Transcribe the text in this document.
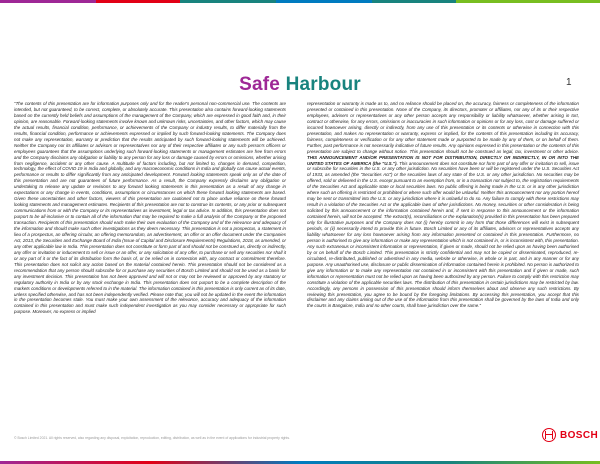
Safe Harbour	1
"The contents of this presentation are for information purposes only and for the reader's personal non-commercial use. The contents are intended, but not guaranteed, to be correct, complete, or absolutely accurate. This presentation also contains forward-looking statements based on the currently held beliefs and assumptions of the management of the Company, which are expressed in good faith and, in their opinion, are reasonable. Forward-looking statements involve known and unknown risks, uncertainties, and other factors, which may cause the actual results, financial condition, performance, or achievements of the Company or industry results, to differ materially from the results, financial condition, performance or achievements expressed or implied by such forward-looking statements. The Company does not make any representation, warranty or prediction that the results anticipated by such forward-looking statements will be achieved. Neither the Company nor its affiliates or advisors or representatives nor any of their respective affiliates or any such person's officers or employees guarantees that the assumptions underlying such forward-looking statements or management estimates are free from errors and the Company disclaims any obligation or liability to any person for any loss or damage caused by errors or omissions, whether arising from negligence, accident or any other cause. A multitude of factors including, but not limited to, changes in demand, competition, technology, the effect of COVID 19 in India and globally, and any macroeconomic conditions in India and globally can cause actual events, performance or results to differ significantly from any anticipated development. Forward looking statements speak only as of the date of this presentation and are not guarantees of future performance. As a result, the Company expressly disclaims any obligation or undertaking to release any update or revisions to any forward looking statements in this presentation as a result of any change in expectations or any change in events, conditions, assumptions or circumstances on which these forward looking statements are based. Given these uncertainties and other factors, viewers of this presentation are cautioned not to place undue reliance on these forward looking statements and management estimates. Recipients of this presentation are not to construe its contents, or any prior or subsequent communications from or with the Company or its representatives as investment, legal or tax advice. In addition, this presentation does not purport to be all-inclusive or to contain all of the information that may be required to make a full analysis of the Company or the proposed transaction. Recipients of this presentation should each make their own evaluation of the Company and of the relevance and adequacy of the information and should make such other investigations as they deem necessary. This presentation is not a prospectus, a statement in lieu of a prospectus, an offering circular, an offering memorandum, an advertisement, an offer or an offer document under the Companies Act, 2013, the Securities and Exchange Board of India (Issue of Capital and Disclosure Requirements) Regulations, 2018, as amended, or any other applicable law in India. This presentation does not constitute or form part of and should not be construed as, directly or indirectly, any offer or invitation or inducement to sell or issue or an offer, or any solicitation of any offer, to purchase or sell any securities nor shall it or any part of it or the fact of its distribution form the basis of, or be relied on in connection with, any contract or commitment therefore. This presentation does not solicit any action based on the material contained herein. This presentation should not be considered as a recommendation that any person should subscribe for or purchase any securities of Bosch Limited and should not be used as a basis for any investment decision. This presentation has not been approved and will not or may not be reviewed or approved by any statutory or regulatory authority in India or by any stock exchange in India. This presentation does not purport to be a complete description of the markets conditions or developments referred to in the material. The information contained in this presentation is only current as of its date, unless specified otherwise, and has not been independently verified. Please note that, you will not be updated in the event the information in the presentation becomes stale. You must make your own assessment of the relevance, accuracy and adequacy of the information contained in this presentation and must make such independent investigation as you may consider necessary or appropriate for such purpose. Moreover, no express or implied
representation or warranty is made as to, and no reliance should be placed on, the accuracy, fairness or completeness of the information presented or contained in this presentation. None of the Company, its directors, promoter or affiliates, nor any of its or their respective employees, advisers or representatives or any other person accepts any responsibility or liability whatsoever, whether arising in tort, contract or otherwise, for any errors, omissions or inaccuracies in such information or opinions or for any loss, cost or damage suffered or incurred howsoever arising, directly or indirectly, from any use of this presentation or its contents or otherwise in connection with this presentation, and makes no representation or warranty, express or implied, for the contents of this presentation including its accuracy, fairness, completeness or verification or for any other statement made or purported to be made by any of them, or on behalf of them. Further, past performance is not necessarily indicative of future results. Any opinions expressed in this presentation or the contents of this presentation are subject to change without notice. This presentation should not be construed as legal, tax, investment or other advice. THIS ANNOUNCEMENT AND/OR PRESENTATION IS NOT FOR DISTRIBUTION, DIRECTLY OR INDIRECTLY, IN OR INTO THE UNITED STATES OF AMERICA (the "U.S."). This announcement does not constitute nor form part of any offer or invitation to sell, issue or subscribe for securities in the U.S. or any other jurisdiction. No securities have been or will be registered under the U.S. Securities Act of 1933, as amended (the "Securities Act") or the securities laws of any state of the U.S. or any other jurisdiction. No securities may be offered, sold or delivered in the U.S. except pursuant to an exemption from, or in a transaction not subject to, the registration requirements of the Securities Act and applicable state or local securities laws. No public offering is being made in the U.S. or in any other jurisdiction where such an offering is restricted or prohibited or where such offer would be unlawful. Neither this announcement nor any portion hereof may be sent or transmitted into the U.S. or any jurisdiction where it is unlawful to do so. Any failure to comply with these restrictions may result in a violation of the Securities Act or the applicable laws of other jurisdictions. No money, securities or other consideration is being solicited by this announcement or the information contained herein and, if sent in response to this announcement or the information contained herein, will not be accepted. The extract(s), reconciliations or the explanation(s) provided in this presentation has been prepared only for illustrative purposes and the Company does not (i) hereby commit in any form that those differences will exist in subsequent periods, or (ii) necessarily intend to provide this in future. Bosch Limited or any of its affiliates, advisors or representatives accepts any liability whatsoever for any loss howsoever arising from any information presented or contained in this presentation. Furthermore, no person is authorised to give any information or make any representation which is not contained in, or is inconsistent with, this presentation. Any such extraneous or inconsistent information or representation, if given or made, should not be relied upon as having been authorised by or on behalf of the Bosch Limited. This presentation is strictly confidential and may not be copied or disseminated, reproduced, re-circulated, re-distributed, published or advertised in any media, website or otherwise, in whole or in part, and in any manner or for any purpose. Any unauthorised use, disclosure or public dissemination of information contained herein is prohibited. No person is authorized to give any information or to make any representation not contained in or inconsistent with this presentation and if given or made, such information or representation must not be relied upon as having been authorized by any person. Failure to comply with this restriction may constitute a violation of the applicable securities laws. The distribution of this presentation in certain jurisdictions may be restricted by law. Accordingly, any persons in possession of this presentation should inform themselves about and observe any such restrictions. By reviewing this presentation, you agree to be bound by the foregoing limitations. By accessing this presentation, you accept that this disclaimer and any claims arising out of the use of the information from this presentation shall be governed by the laws of India and only the courts in Bangalore, India and no other courts, shall have jurisdiction over the same."
© Bosch Limited 2021. All rights reserved, also regarding any disposal, exploitation, reproduction, editing, distribution, as well as in the event of applications for industrial property rights.	BOSCH
